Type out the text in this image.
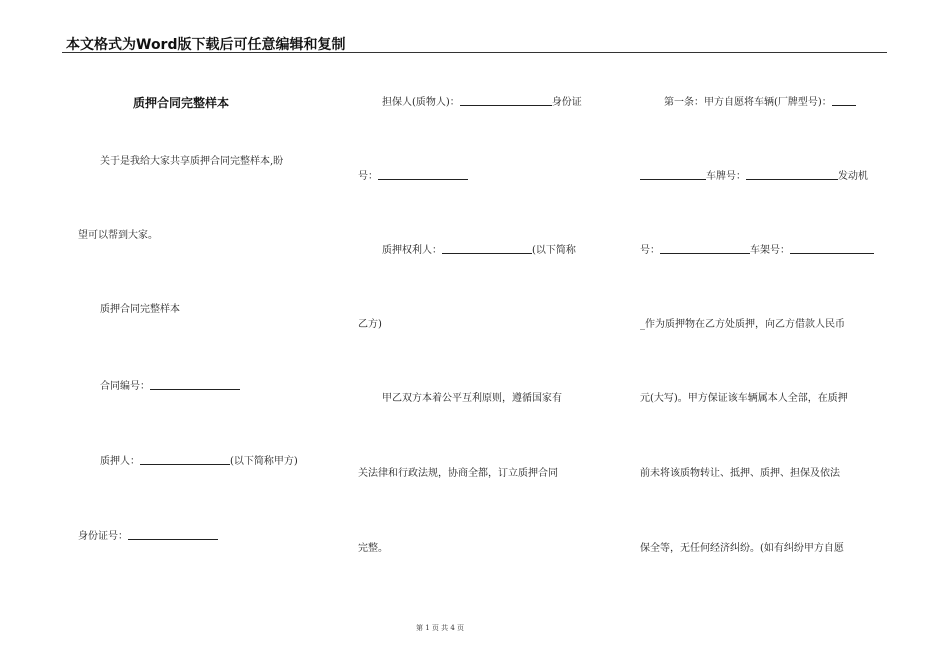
本文格式为Word版下载后可任意编辑和复制
质押合同完整样本
关于是我给大家共享质押合同完整样本,盼
望可以帮到大家。
质押合同完整样本
合同编号：
质押人：	(以下简称甲方)
身份证号：
担保人(质物人)：	身份证
号：
质押权利人：	(以下简称
乙方)
甲乙双方本着公平互利原则，遵循国家有
关法律和行政法规，协商全都，订立质押合同
完整。
第一条：甲方自愿将车辆(厂牌型号)：
车牌号：	发动机
号：	车架号：
_作为质押物在乙方处质押，向乙方借款人民币
元(大写)。甲方保证该车辆属本人全部，在质押
前未将该质物转让、抵押、质押、担保及依法
保全等，无任何经济纠纷。(如有纠纷甲方自愿
第 1 页 共 4 页
